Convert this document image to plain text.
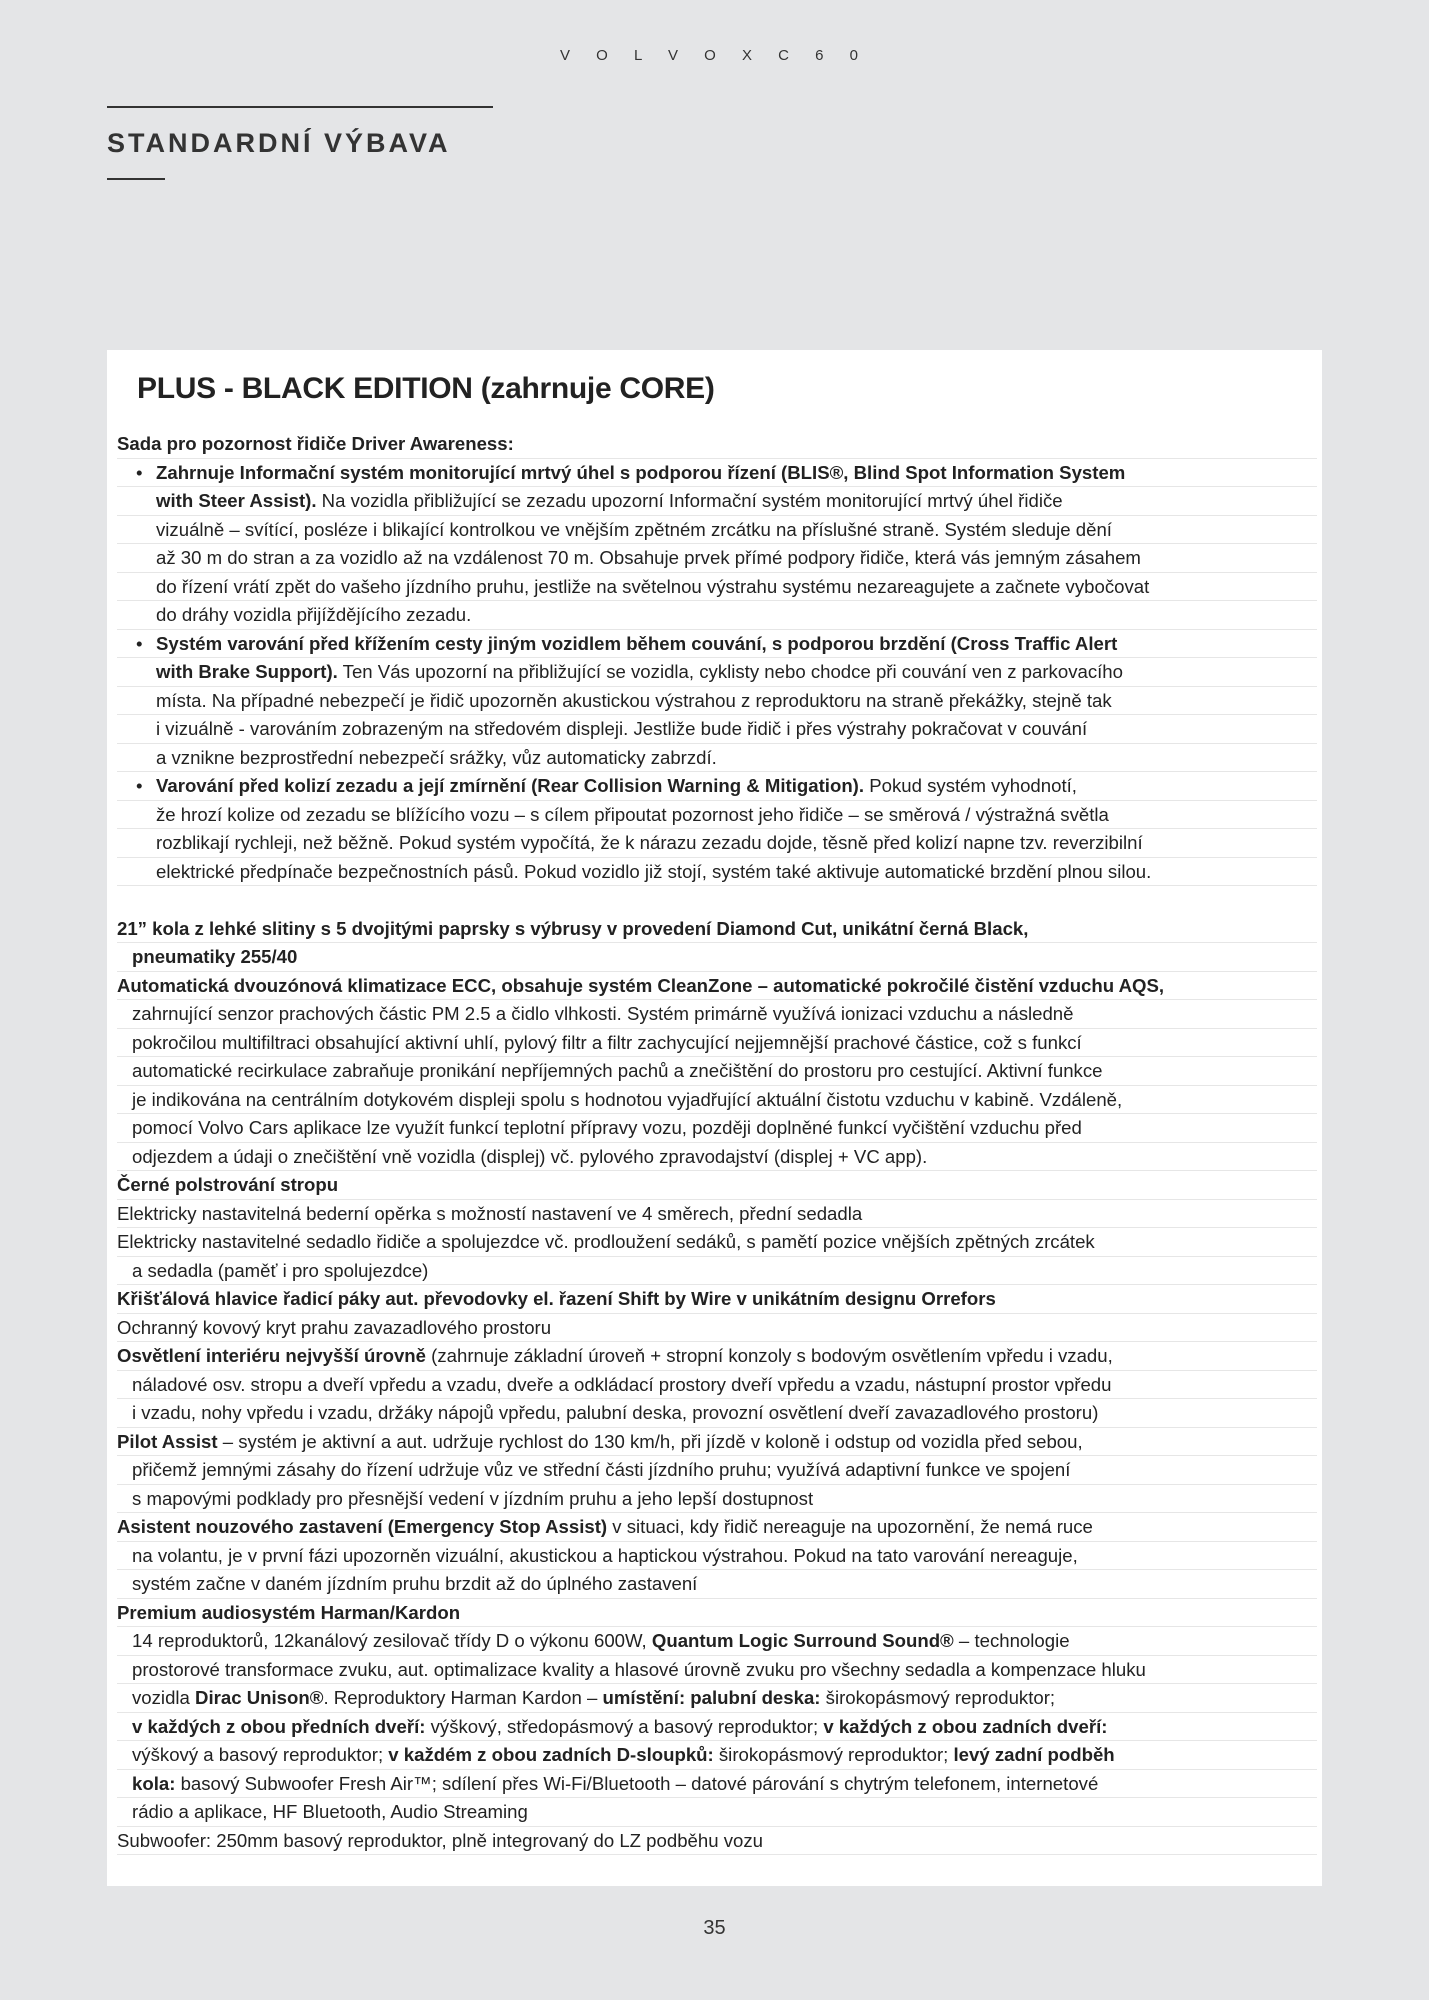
V O L V O X C 6 0
STANDARDNÍ VÝBAVA
PLUS - BLACK EDITION (zahrnuje CORE)
Sada pro pozornost řidiče Driver Awareness:
• Zahrnuje Informační systém monitorující mrtvý úhel s podporou řízení (BLIS®, Blind Spot Information System
with Steer Assist). Na vozidla přibližující se zezadu upozorní Informační systém monitorující mrtvý úhel řidiče
vizuálně – svítící, posléze i blikající kontrolkou ve vnějším zpětném zrcátku na příslušné straně. Systém sleduje dění
až 30 m do stran a za vozidlo až na vzdálenost 70 m. Obsahuje prvek přímé podpory řidiče, která vás jemným zásahem
do řízení vrátí zpět do vašeho jízdního pruhu, jestliže na světelnou výstrahu systému nezareagujete a začnete vybočovat
do dráhy vozidla přijíždějícího zezadu.
• Systém varování před křížením cesty jiným vozidlem během couvání, s podporou brzdění (Cross Traffic Alert
with Brake Support). Ten Vás upozorní na přibližující se vozidla, cyklisty nebo chodce při couvání ven z parkovacího
místa. Na případné nebezpečí je řidič upozorněn akustickou výstrahou z reproduktoru na straně překážky, stejně tak
i vizuálně - varováním zobrazeným na středovém displeji. Jestliže bude řidič i přes výstrahy pokračovat v couvání
a vznikne bezprostřední nebezpečí srážky, vůz automaticky zabrzdí.
• Varování před kolizí zezadu a její zmírnění (Rear Collision Warning & Mitigation). Pokud systém vyhodnotí,
že hrozí kolize od zezadu se blížícího vozu – s cílem připoutat pozornost jeho řidiče – se směrová / výstražná světla
rozblikají rychleji, než běžně. Pokud systém vypočítá, že k nárazu zezadu dojde, těsně před kolizí napne tzv. reverzibilní
elektrické předpínače bezpečnostních pásů. Pokud vozidlo již stojí, systém také aktivuje automatické brzdění plnou silou.
21” kola z lehké slitiny s 5 dvojitými paprsky s výbrusy v provedení Diamond Cut, unikátní černá Black,
pneumatiky 255/40
Automatická dvouzónová klimatizace ECC, obsahuje systém CleanZone – automatické pokročilé čistění vzduchu AQS,
zahrnující senzor prachových částic PM 2.5 a čidlo vlhkosti. Systém primárně využívá ionizaci vzduchu a následně
pokročilou multifiltraci obsahující aktivní uhlí, pylový filtr a filtr zachycující nejjemnější prachové částice, což s funkcí
automatické recirkulace zabraňuje pronikání nepříjemných pachů a znečištění do prostoru pro cestující. Aktivní funkce
je indikována na centrálním dotykovém displeji spolu s hodnotou vyjadřující aktuální čistotu vzduchu v kabině. Vzdáleně,
pomocí Volvo Cars aplikace lze využít funkcí teplotní přípravy vozu, později doplněné funkcí vyčištění vzduchu před
odjezdem a údaji o znečištění vně vozidla (displej) vč. pylového zpravodajství (displej + VC app).
Černé polstrování stropu
Elektricky nastavitelná bederní opěrka s možností nastavení ve 4 směrech, přední sedadla
Elektricky nastavitelné sedadlo řidiče a spolujezdce vč. prodloužení sedáků, s pamětí pozice vnějších zpětných zrcátek
a sedadla (paměť i pro spolujezdce)
Křišťálová hlavice řadicí páky aut. převodovky el. řazení Shift by Wire v unikátním designu Orrefors
Ochranný kovový kryt prahu zavazadlového prostoru
Osvětlení interiéru nejvyšší úrovně (zahrnuje základní úroveň + stropní konzoly s bodovým osvětlením vpředu i vzadu,
náladové osv. stropu a dveří vpředu a vzadu, dveře a odkládací prostory dveří vpředu a vzadu, nástupní prostor vpředu
i vzadu, nohy vpředu i vzadu, držáky nápojů vpředu, palubní deska, provozní osvětlení dveří zavazadlového prostoru)
Pilot Assist – systém je aktivní a aut. udržuje rychlost do 130 km/h, při jízdě v koloně i odstup od vozidla před sebou,
přičemž jemnými zásahy do řízení udržuje vůz ve střední části jízdního pruhu; využívá adaptivní funkce ve spojení
s mapovými podklady pro přesnější vedení v jízdním pruhu a jeho lepší dostupnost
Asistent nouzového zastavení (Emergency Stop Assist) v situaci, kdy řidič nereaguje na upozornění, že nemá ruce
na volantu, je v první fázi upozorněn vizuální, akustickou a haptickou výstrahou. Pokud na tato varování nereaguje,
systém začne v daném jízdním pruhu brzdit až do úplného zastavení
Premium audiosystém Harman/Kardon
14 reproduktorů, 12kanálový zesilovač třídy D o výkonu 600W, Quantum Logic Surround Sound® – technologie
prostorové transformace zvuku, aut. optimalizace kvality a hlasové úrovně zvuku pro všechny sedadla a kompenzace hluku
vozidla Dirac Unison®. Reproduktory Harman Kardon – umístění: palubní deska: širokopásmový reproduktor;
v každých z obou předních dveří: výškový, středopásmový a basový reproduktor; v každých z obou zadních dveří:
výškový a basový reproduktor; v každém z obou zadních D-sloupků: širokopásmový reproduktor; levý zadní podběh
kola: basový Subwoofer Fresh Air™; sdílení přes Wi-Fi/Bluetooth – datové párování s chytrým telefonem, internetové
rádio a aplikace, HF Bluetooth, Audio Streaming
Subwoofer: 250mm basový reproduktor, plně integrovaný do LZ podběhu vozu
35
